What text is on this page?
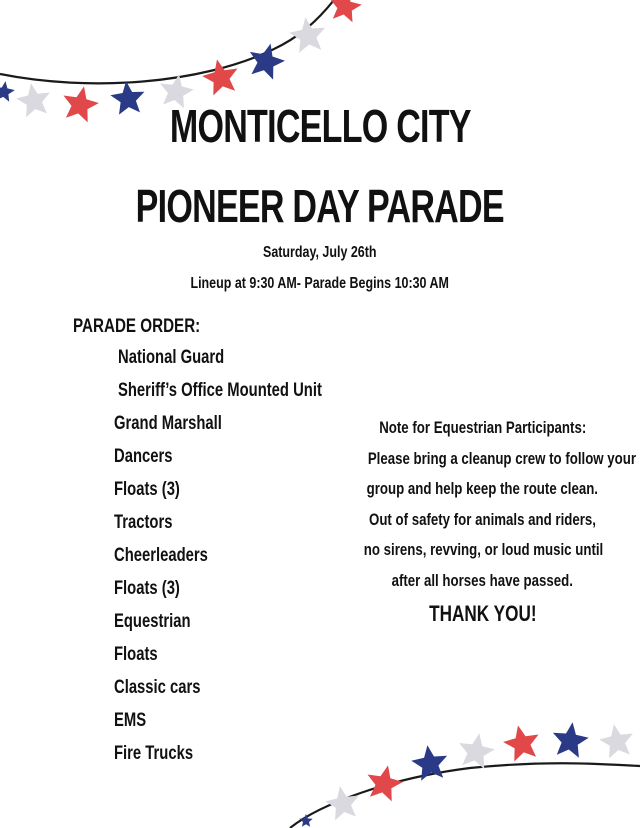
MONTICELLO CITY
PIONEER DAY PARADE
Saturday, July 26th
Lineup at 9:30 AM- Parade Begins 10:30 AM
PARADE ORDER:
National Guard
Sheriff’s Office Mounted Unit
Grand Marshall
Dancers
Floats (3)
Tractors
Cheerleaders
Floats (3)
Equestrian
Floats
Classic cars
EMS
Fire Trucks
Note for Equestrian Participants:
Please bring a cleanup crew to follow your
group and help keep the route clean.
Out of safety for animals and riders,
no sirens, revving, or loud music until
after all horses have passed.
THANK YOU!
